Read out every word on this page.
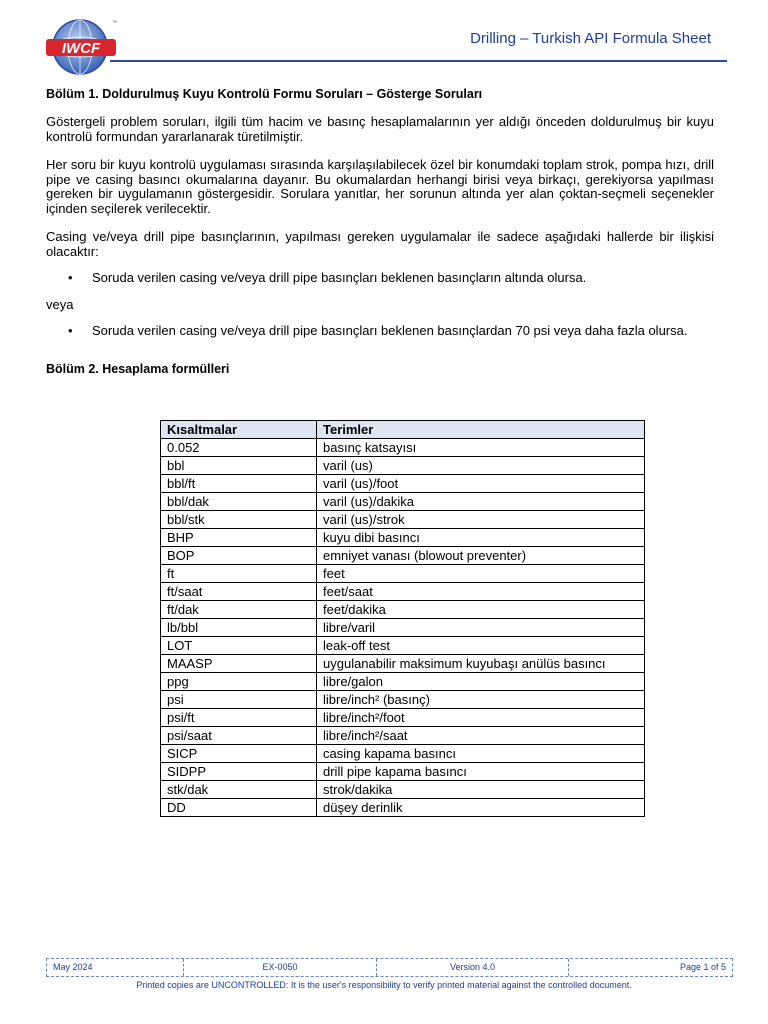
IWCF
™
Drilling – Turkish API Formula Sheet

Bölüm 1. Doldurulmuş Kuyu Kontrolü Formu Soruları – Gösterge Soruları

Göstergeli problem soruları, ilgili tüm hacim ve basınç hesaplamalarının yer aldığı önceden doldurulmuş bir kuyu kontrolü formundan yararlanarak türetilmiştir.

Her soru bir kuyu kontrolü uygulaması sırasında karşılaşılabilecek özel bir konumdaki toplam strok, pompa hızı, drill pipe ve casing basıncı okumalarına dayanır. Bu okumalardan herhangi birisi veya birkaçı, gerekiyorsa yapılması gereken bir uygulamanın göstergesidir. Sorulara yanıtlar, her sorunun altında yer alan çoktan-seçmeli seçenekler içinden seçilerek verilecektir.

Casing ve/veya drill pipe basınçlarının, yapılması gereken uygulamalar ile sadece aşağıdaki hallerde bir ilişkisi olacaktır:

• Soruda verilen casing ve/veya drill pipe basınçları beklenen basınçların altında olursa.

veya

• Soruda verilen casing ve/veya drill pipe basınçları beklenen basınçlardan 70 psi veya daha fazla olursa.

Bölüm 2. Hesaplama formülleri

Kısaltmalar	Terimler
0.052	basınç katsayısı
bbl	varil (us)
bbl/ft	varil (us)/foot
bbl/dak	varil (us)/dakika
bbl/stk	varil (us)/strok
BHP	kuyu dibi basıncı
BOP	emniyet vanası (blowout preventer)
ft	feet
ft/saat	feet/saat
ft/dak	feet/dakika
lb/bbl	libre/varil
LOT	leak-off test
MAASP	uygulanabilir maksimum kuyubaşı anülüs basıncı
ppg	libre/galon
psi	libre/inch² (basınç)
psi/ft	libre/inch²/foot
psi/saat	libre/inch²/saat
SICP	casing kapama basıncı
SIDPP	drill pipe kapama basıncı
stk/dak	strok/dakika
DD	düşey derinlik
May 2024	EX-0050	Version 4.0	Page 1 of 5
Printed copies are UNCONTROLLED: It is the user's responsibility to verify printed material against the controlled document.
